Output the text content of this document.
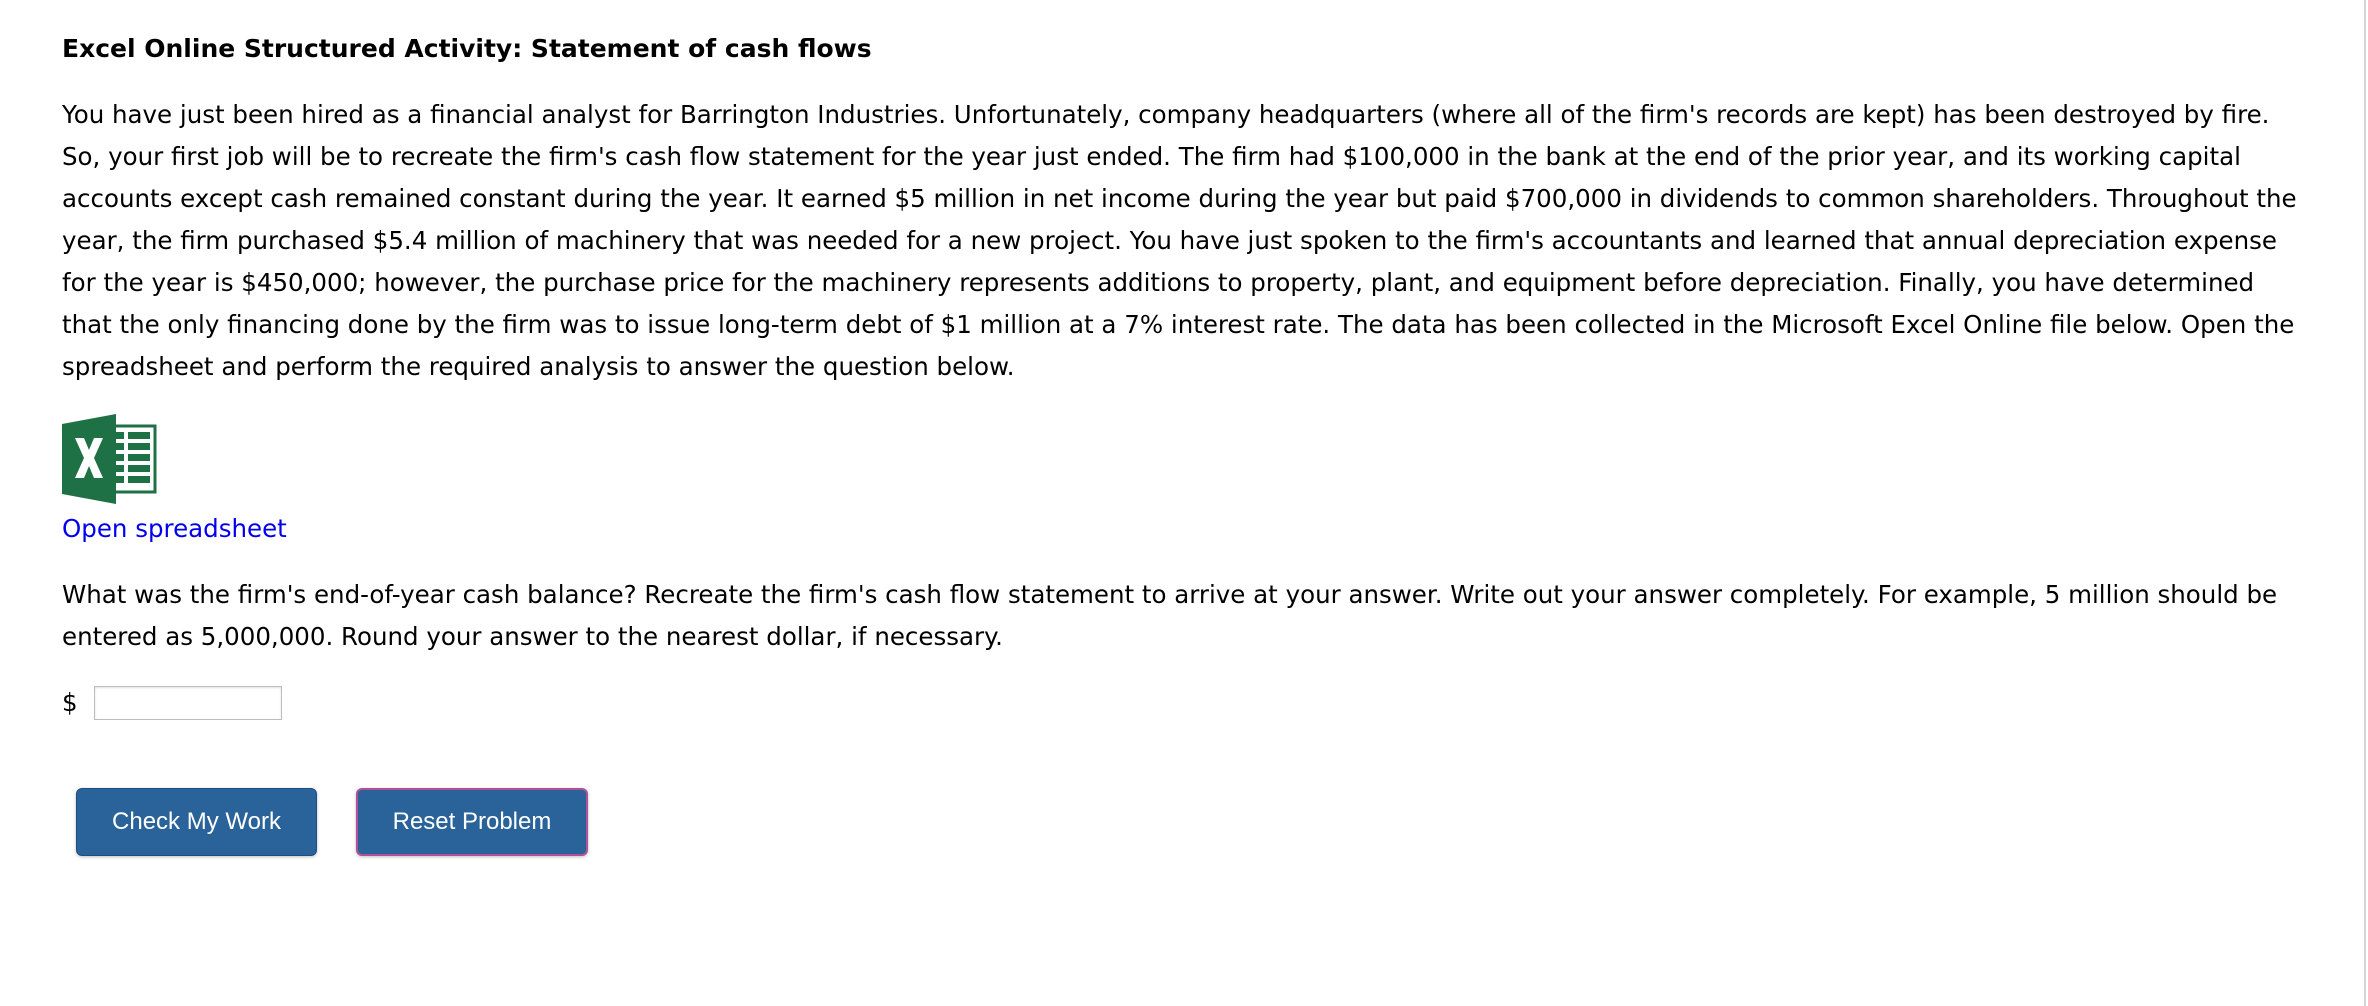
Excel Online Structured Activity: Statement of cash flows
You have just been hired as a financial analyst for Barrington Industries. Unfortunately, company headquarters (where all of the firm's records are kept) has been destroyed by fire. So, your first job will be to recreate the firm's cash flow statement for the year just ended. The firm had $100,000 in the bank at the end of the prior year, and its working capital accounts except cash remained constant during the year. It earned $5 million in net income during the year but paid $700,000 in dividends to common shareholders. Throughout the year, the firm purchased $5.4 million of machinery that was needed for a new project. You have just spoken to the firm's accountants and learned that annual depreciation expense for the year is $450,000; however, the purchase price for the machinery represents additions to property, plant, and equipment before depreciation. Finally, you have determined that the only financing done by the firm was to issue long-term debt of $1 million at a 7% interest rate. The data has been collected in the Microsoft Excel Online file below. Open the spreadsheet and perform the required analysis to answer the question below.
Open spreadsheet
What was the firm's end-of-year cash balance? Recreate the firm's cash flow statement to arrive at your answer. Write out your answer completely. For example, 5 million should be entered as 5,000,000. Round your answer to the nearest dollar, if necessary.
$
Check My Work	Reset Problem
